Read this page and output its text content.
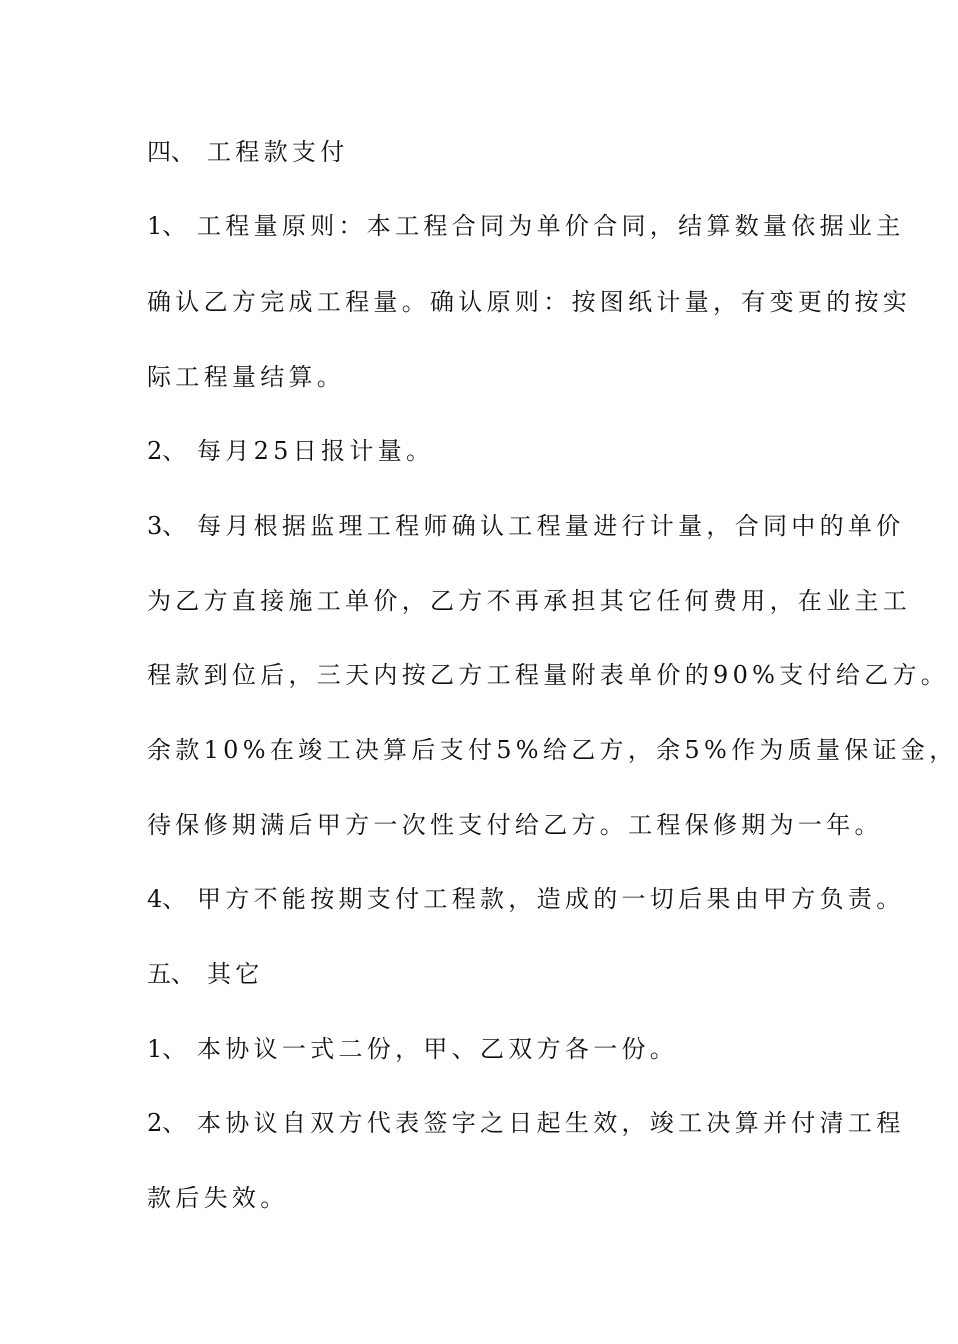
四、 工程款支付
1、 工程量原则：本工程合同为单价合同，结算数量依据业主
确认乙方完成工程量。确认原则：按图纸计量，有变更的按实
际工程量结算。
2、 每月25日报计量。
3、 每月根据监理工程师确认工程量进行计量，合同中的单价
为乙方直接施工单价，乙方不再承担其它任何费用，在业主工
程款到位后，三天内按乙方工程量附表单价的90%支付给乙方。
余款10%在竣工决算后支付5%给乙方，余5%作为质量保证金，
待保修期满后甲方一次性支付给乙方。工程保修期为一年。
4、 甲方不能按期支付工程款，造成的一切后果由甲方负责。
五、 其它
1、 本协议一式二份，甲、乙双方各一份。
2、 本协议自双方代表签字之日起生效，竣工决算并付清工程
款后失效。
